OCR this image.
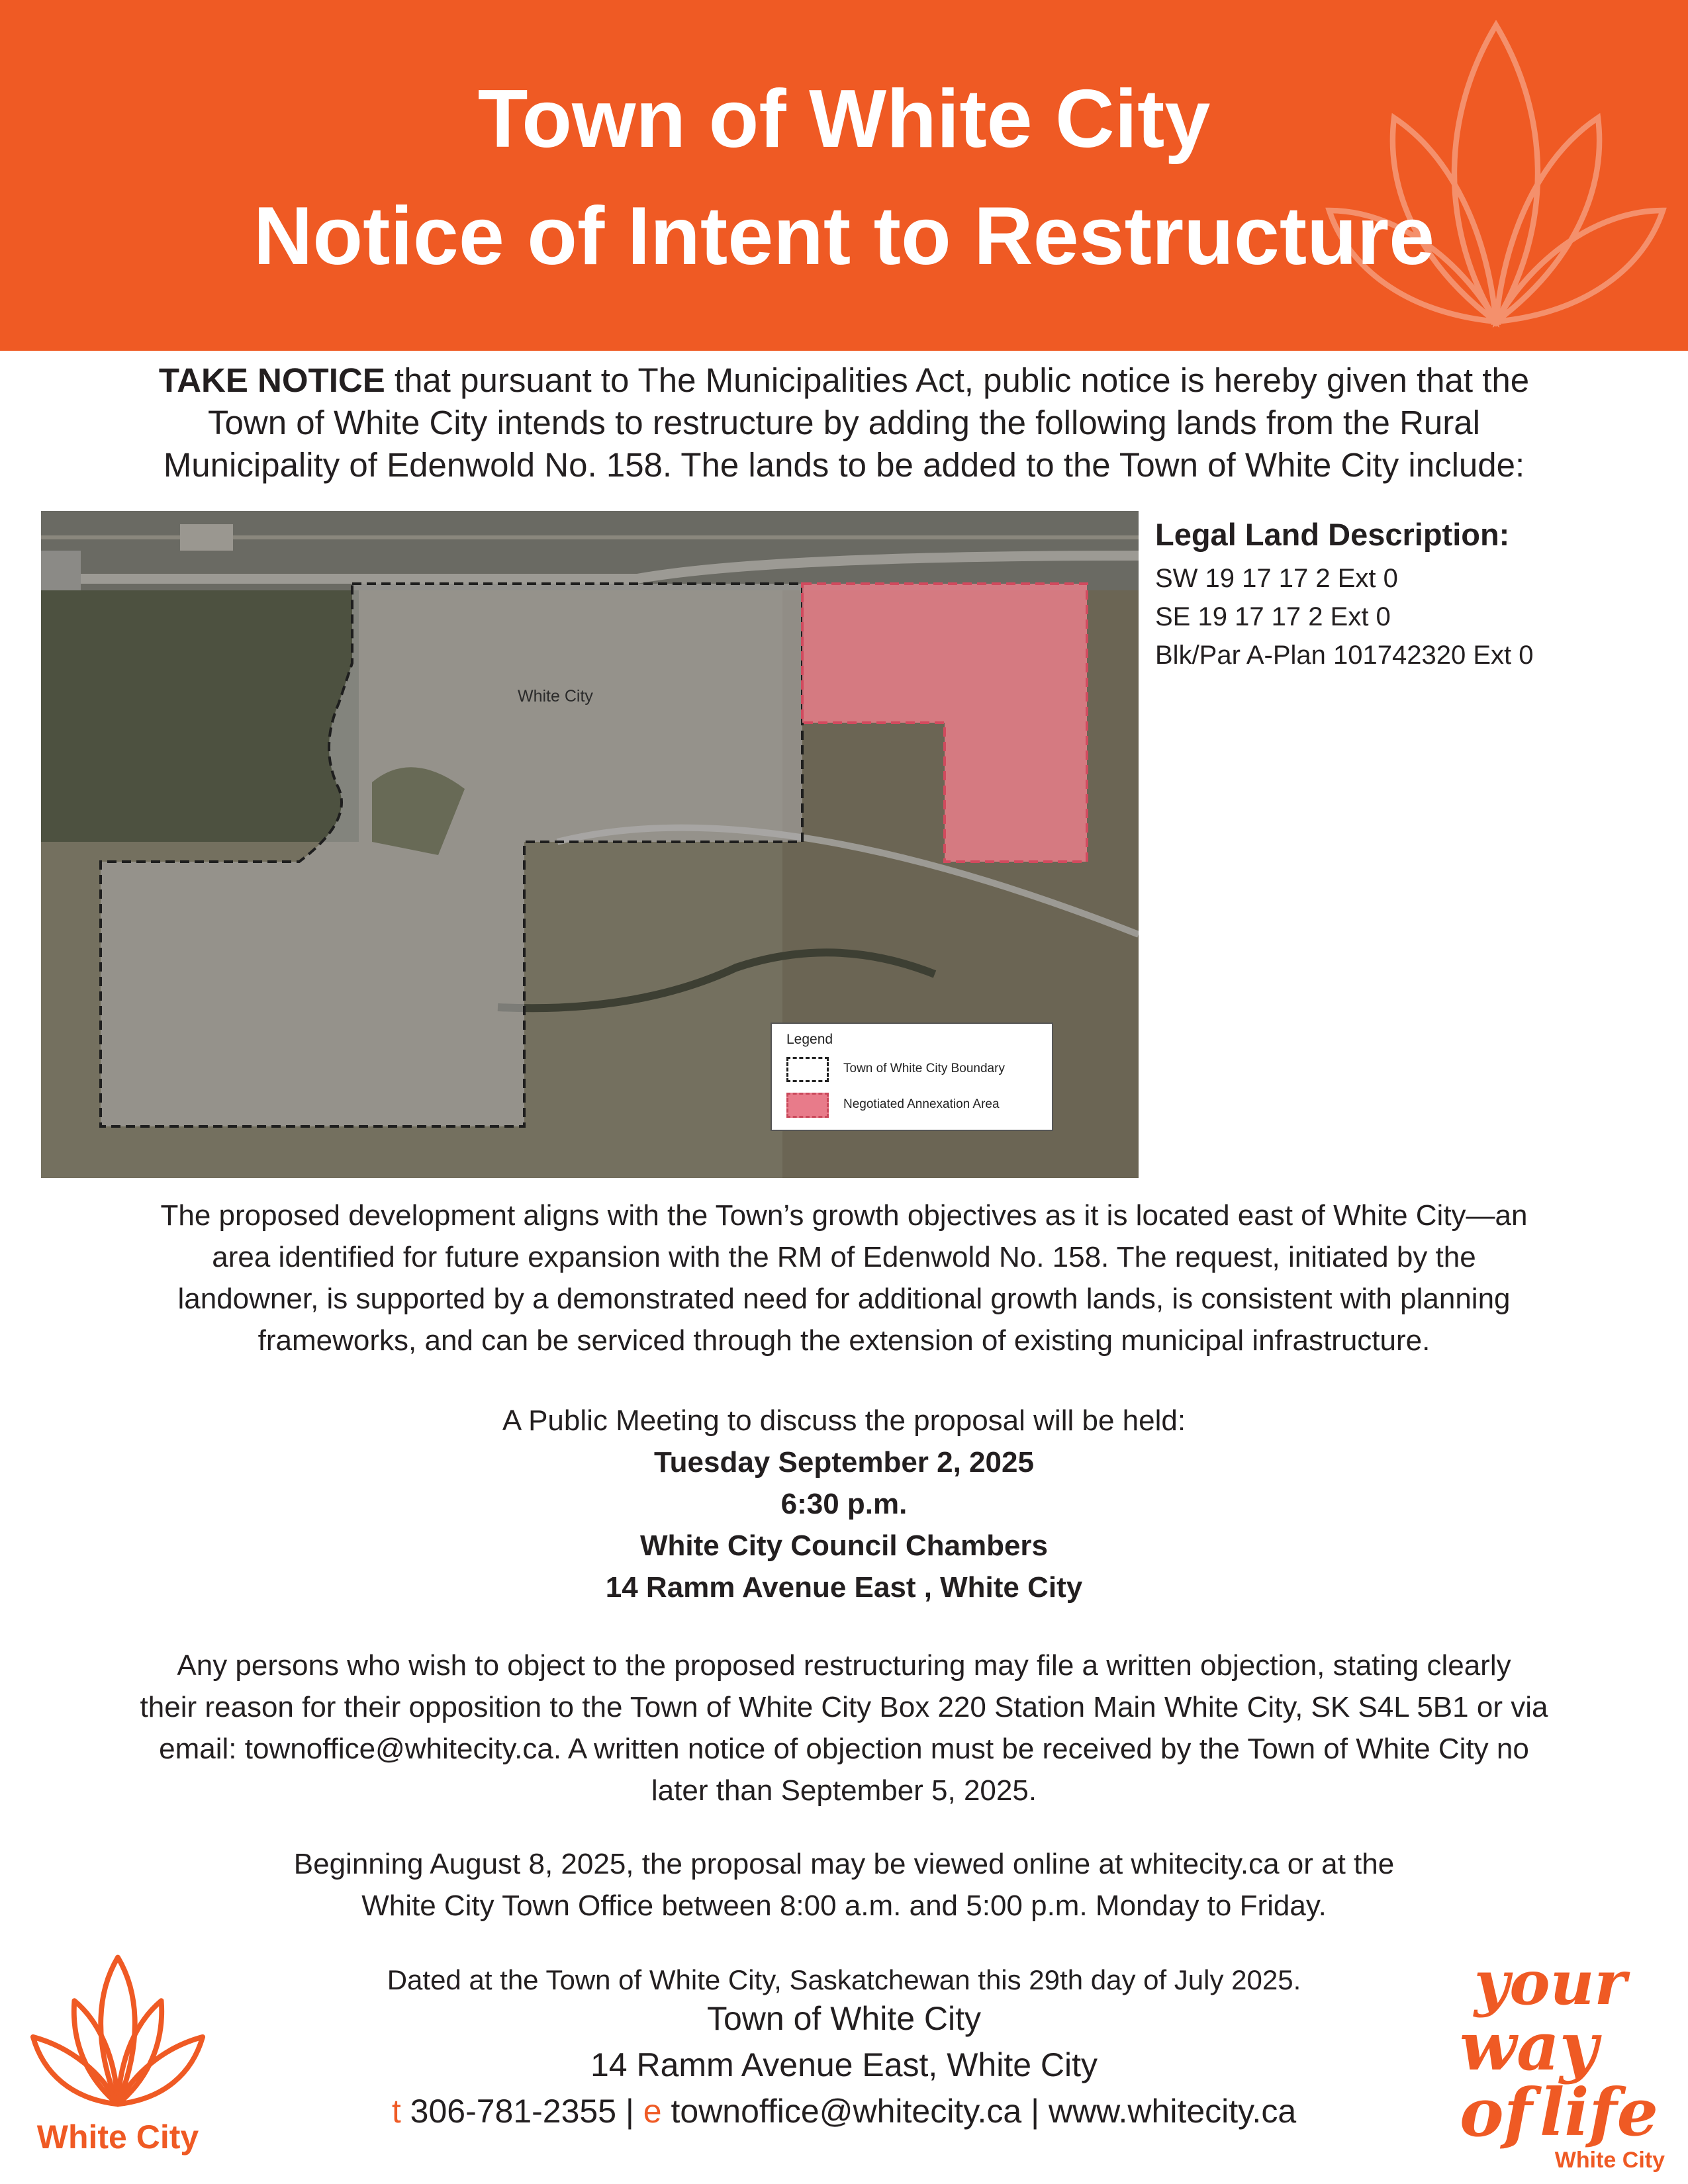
Town of White City
Notice of Intent to Restructure
TAKE NOTICE that pursuant to The Municipalities Act, public notice is hereby given that the
Town of White City intends to restructure by adding the following lands from the Rural
Municipality of Edenwold No. 158. The lands to be added to the Town of White City include:
White City
Legend
Town of White City Boundary
Negotiated Annexation Area
Legal Land Description:
SW 19 17 17 2 Ext 0
SE 19 17 17 2 Ext 0
Blk/Par A-Plan 101742320 Ext 0
The proposed development aligns with the Town’s growth objectives as it is located east of White City—an
area identified for future expansion with the RM of Edenwold No. 158. The request, initiated by the
landowner, is supported by a demonstrated need for additional growth lands, is consistent with planning
frameworks, and can be serviced through the extension of existing municipal infrastructure.
A Public Meeting to discuss the proposal will be held:
Tuesday September 2, 2025
6:30 p.m.
White City Council Chambers
14 Ramm Avenue East , White City
Any persons who wish to object to the proposed restructuring may file a written objection, stating clearly
their reason for their opposition to the Town of White City Box 220 Station Main White City, SK S4L 5B1 or via
email: townoffice@whitecity.ca. A written notice of objection must be received by the Town of White City no
later than September 5, 2025.
Beginning August 8, 2025, the proposal may be viewed online at whitecity.ca or at the
White City Town Office between 8:00 a.m. and 5:00 p.m. Monday to Friday.
Dated at the Town of White City, Saskatchewan this 29th day of July 2025.
Town of White City
14 Ramm Avenue East, White City
t 306-781-2355 | e townoffice@whitecity.ca | www.whitecity.ca
White City
your
way of life
White City
